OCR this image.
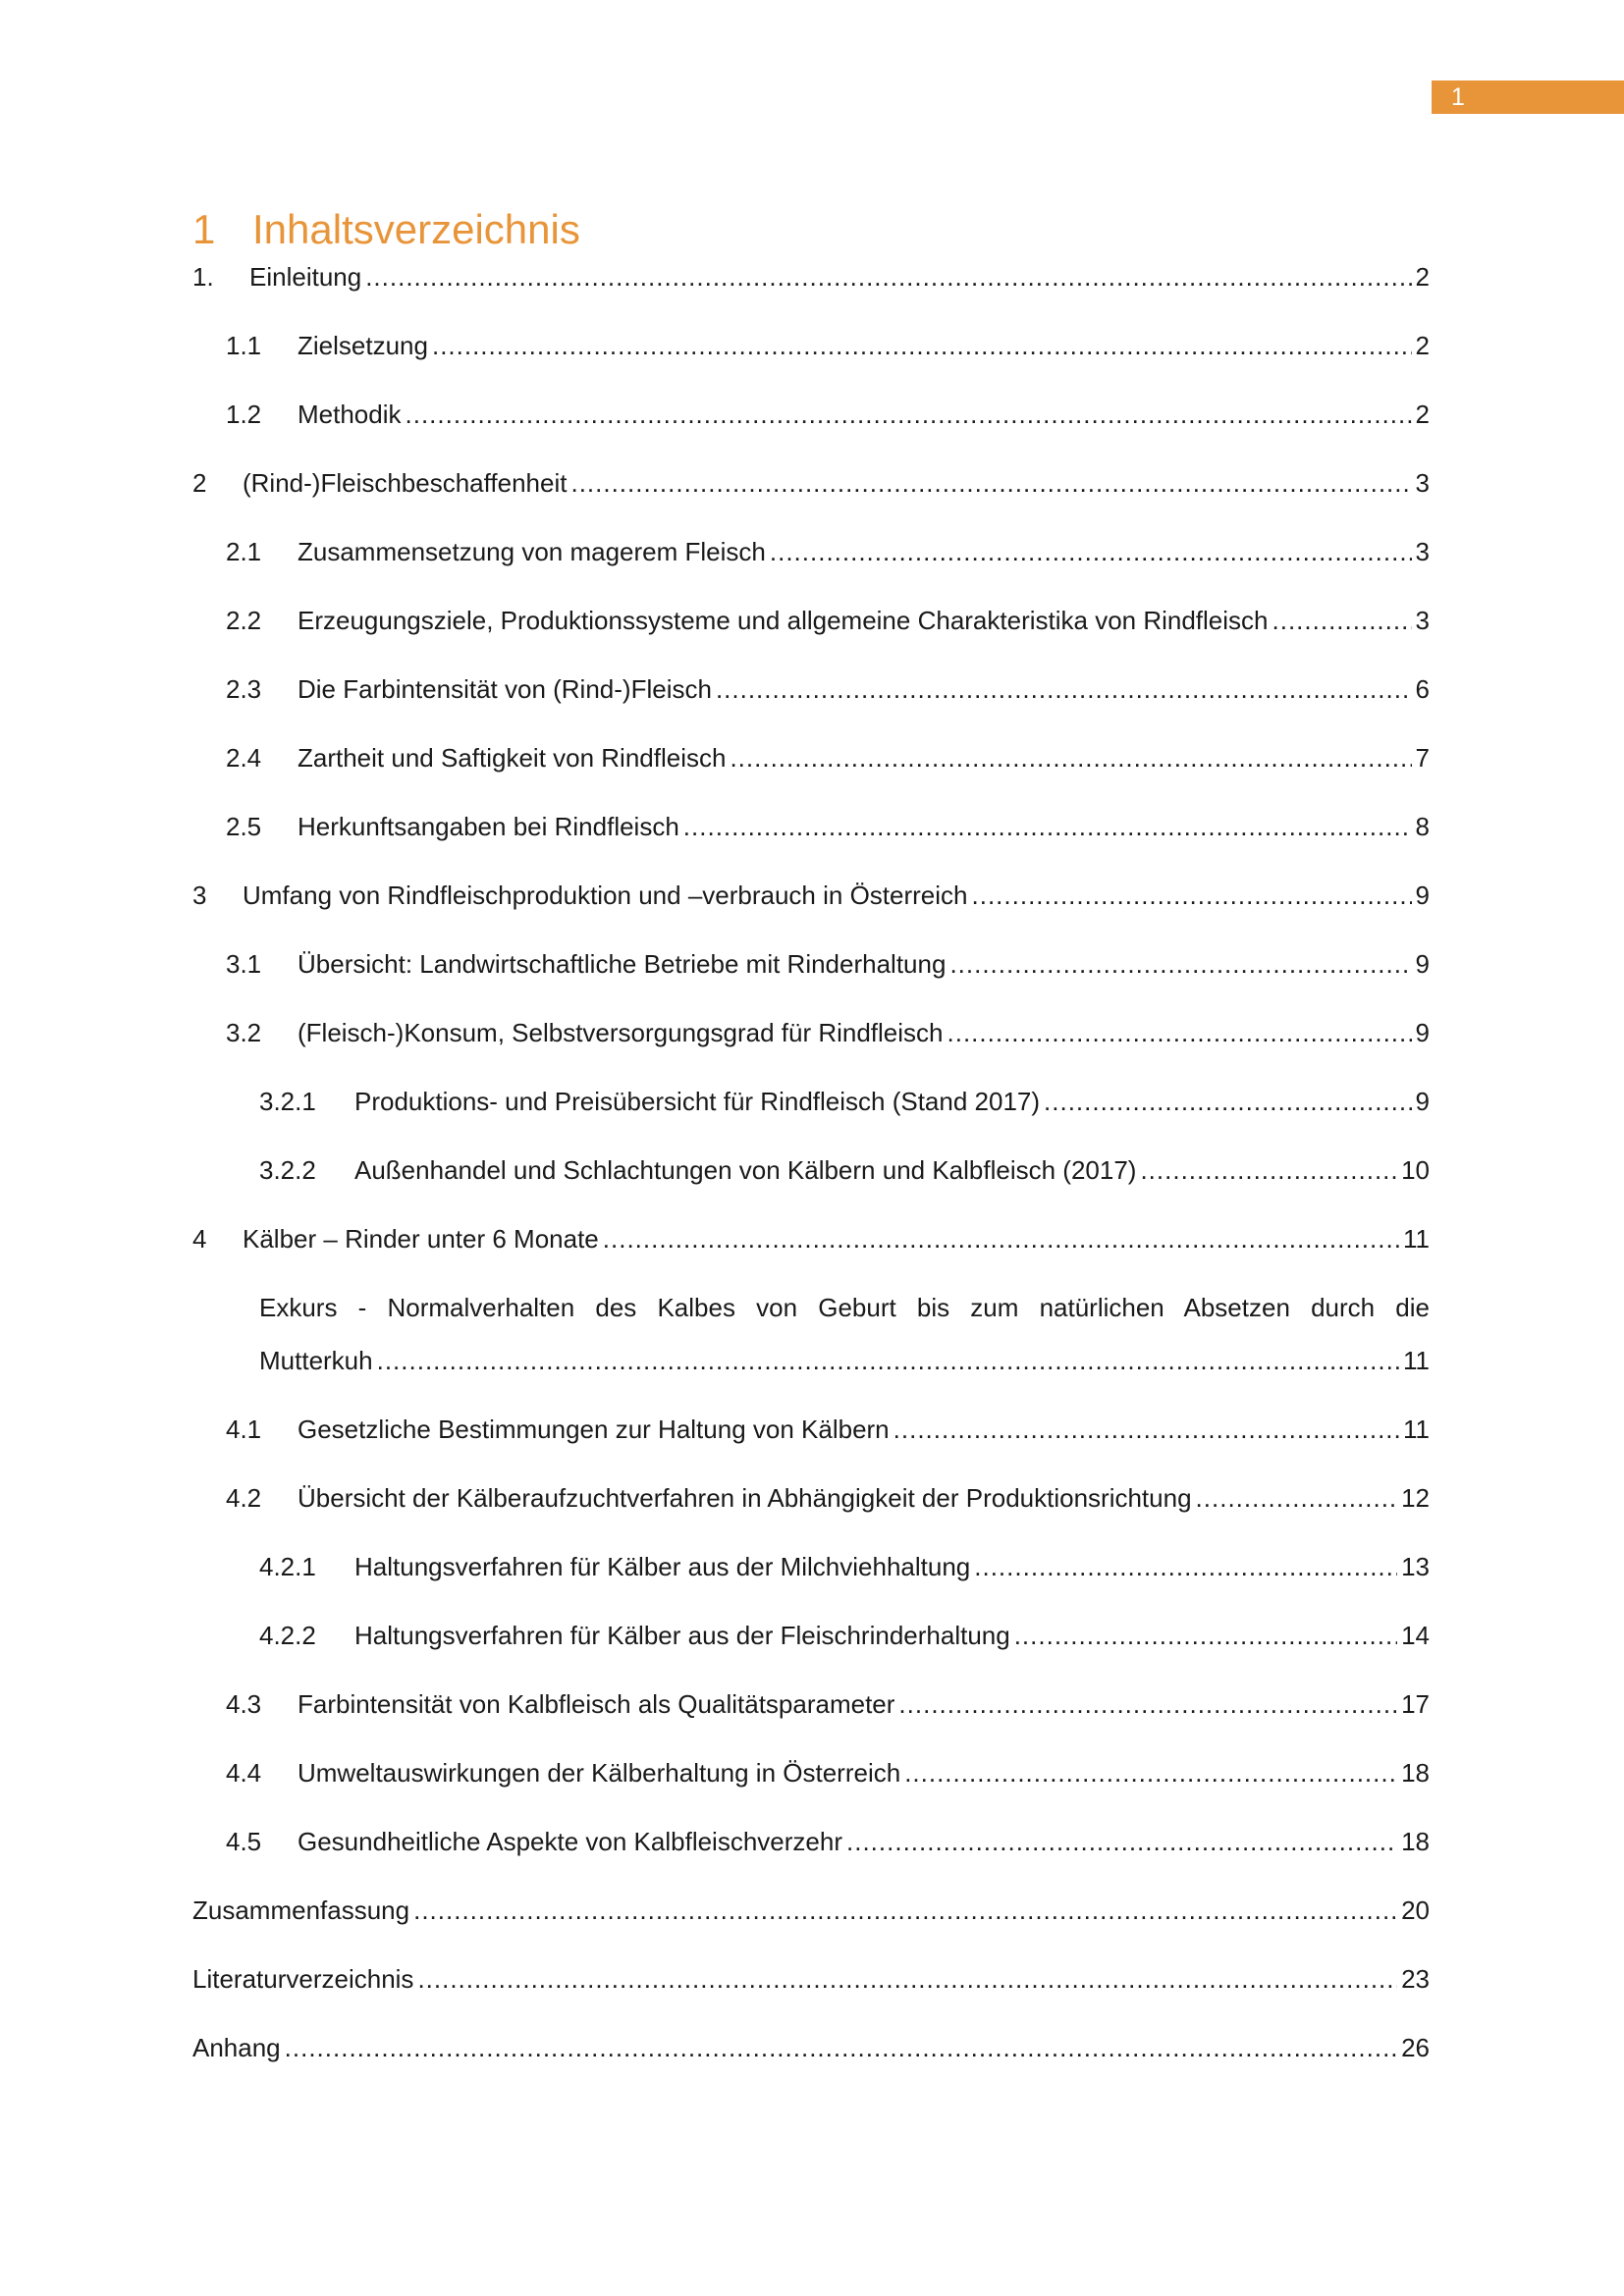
1
1 Inhaltsverzeichnis
1.	Einleitung .....	2
1.1	Zielsetzung .....	2
1.2	Methodik .....	2
2	(Rind-)Fleischbeschaffenheit .....	3
2.1	Zusammensetzung von magerem Fleisch .....	3
2.2	Erzeugungsziele, Produktionssysteme und allgemeine Charakteristika von Rindfleisch .....	3
2.3	Die Farbintensität von (Rind-)Fleisch .....	6
2.4	Zartheit und Saftigkeit von Rindfleisch .....	7
2.5	Herkunftsangaben bei Rindfleisch .....	8
3	Umfang von Rindfleischproduktion und –verbrauch in Österreich .....	9
3.1	Übersicht: Landwirtschaftliche Betriebe mit Rinderhaltung .....	9
3.2	(Fleisch-)Konsum, Selbstversorgungsgrad für Rindfleisch .....	9
3.2.1	Produktions- und Preisübersicht für Rindfleisch (Stand 2017) .....	9
3.2.2	Außenhandel und Schlachtungen von Kälbern und Kalbfleisch (2017) .....	10
4	Kälber – Rinder unter 6 Monate .....	11
Exkurs - Normalverhalten des Kalbes von Geburt bis zum natürlichen Absetzen durch die
Mutterkuh .....	11
4.1	Gesetzliche Bestimmungen zur Haltung von Kälbern .....	11
4.2	Übersicht der Kälberaufzuchtverfahren in Abhängigkeit der Produktionsrichtung .....	12
4.2.1	Haltungsverfahren für Kälber aus der Milchviehhaltung .....	13
4.2.2	Haltungsverfahren für Kälber aus der Fleischrinderhaltung .....	14
4.3	Farbintensität von Kalbfleisch als Qualitätsparameter .....	17
4.4	Umweltauswirkungen der Kälberhaltung in Österreich .....	18
4.5	Gesundheitliche Aspekte von Kalbfleischverzehr .....	18
Zusammenfassung .....	20
Literaturverzeichnis .....	23
Anhang .....	26
